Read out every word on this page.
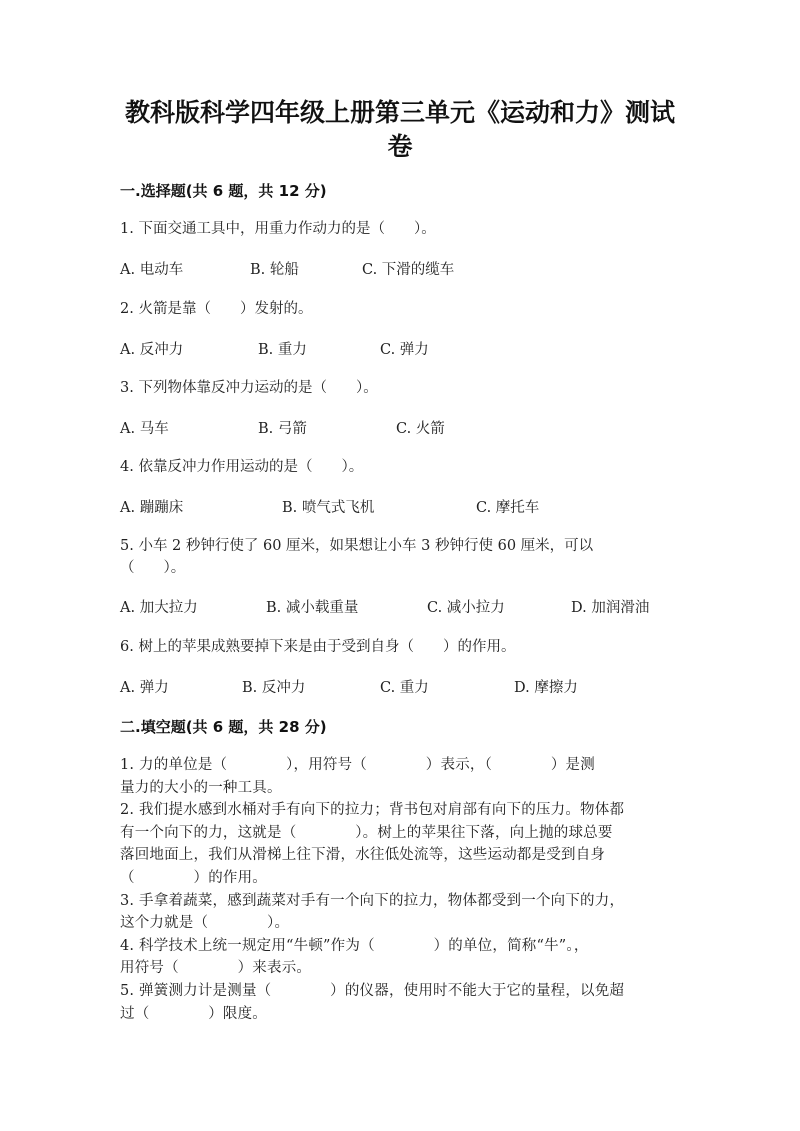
教科版科学四年级上册第三单元《运动和力》测试
卷
一.选择题(共 6 题，共 12 分)
1. 下面交通工具中，用重力作动力的是（　　）。
A. 电动车	B. 轮船	C. 下滑的缆车
2. 火箭是靠（　　）发射的。
A. 反冲力	B. 重力	C. 弹力
3. 下列物体靠反冲力运动的是（　　）。
A. 马车	B. 弓箭	C. 火箭
4. 依靠反冲力作用运动的是（　　）。
A. 蹦蹦床	B. 喷气式飞机	C. 摩托车
5. 小车 2 秒钟行使了 60 厘米，如果想让小车 3 秒钟行使 60 厘米，可以
（　　）。
A. 加大拉力	B. 减小载重量	C. 减小拉力	D. 加润滑油
6. 树上的苹果成熟要掉下来是由于受到自身（　　）的作用。
A. 弹力	B. 反冲力	C. 重力	D. 摩擦力
二.填空题(共 6 题，共 28 分)
1. 力的单位是（　　　　），用符号（　　　　）表示，（　　　　）是测
量力的大小的一种工具。
2. 我们提水感到水桶对手有向下的拉力；背书包对肩部有向下的压力。物体都
有一个向下的力，这就是（　　　　）。树上的苹果往下落，向上抛的球总要
落回地面上，我们从滑梯上往下滑，水往低处流等，这些运动都是受到自身
（　　　　）的作用。
3. 手拿着蔬菜，感到蔬菜对手有一个向下的拉力，物体都受到一个向下的力，
这个力就是（　　　　）。
4. 科学技术上统一规定用“牛顿”作为（　　　　）的单位，简称“牛”。，
用符号（　　　　）来表示。
5. 弹簧测力计是测量（　　　　）的仪器，使用时不能大于它的量程，以免超
过（　　　　）限度。
